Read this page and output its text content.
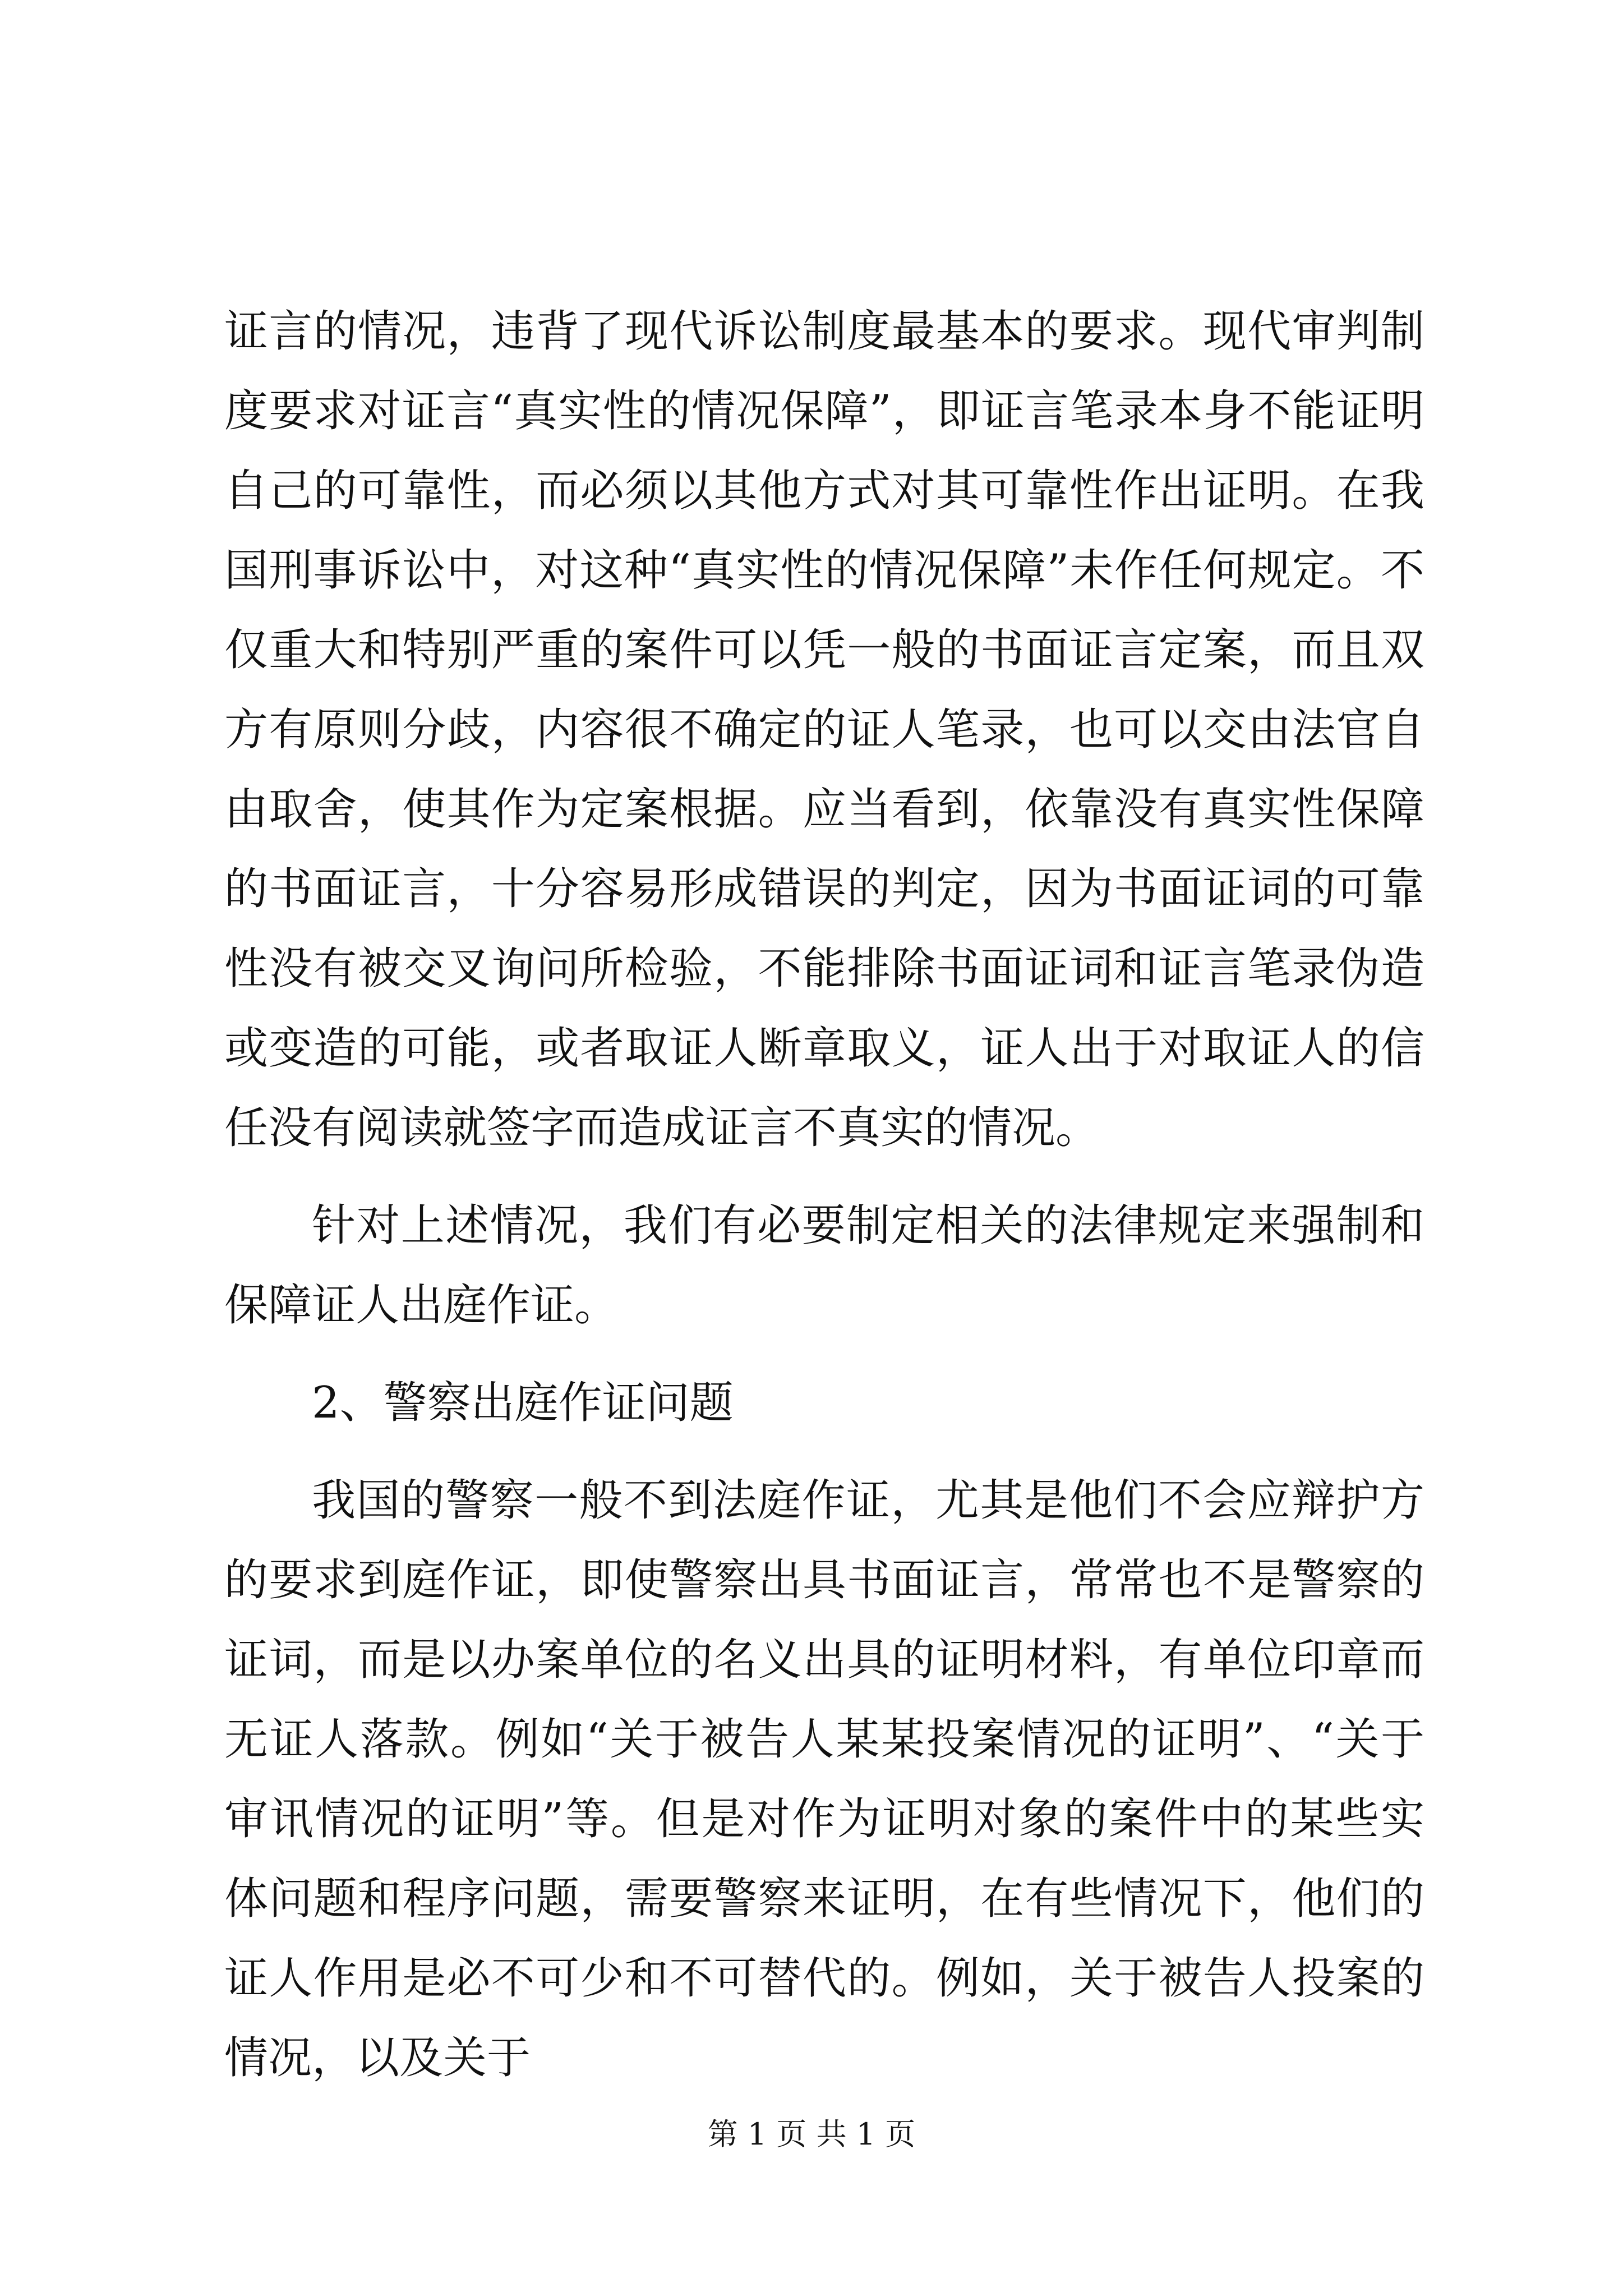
证言的情况，违背了现代诉讼制度最基本的要求。现代审判制度要求对证言“真实性的情况保障”，即证言笔录本身不能证明自己的可靠性，而必须以其他方式对其可靠性作出证明。在我国刑事诉讼中，对这种“真实性的情况保障”未作任何规定。不仅重大和特别严重的案件可以凭一般的书面证言定案，而且双方有原则分歧，内容很不确定的证人笔录，也可以交由法官自由取舍，使其作为定案根据。应当看到，依靠没有真实性保障的书面证言，十分容易形成错误的判定，因为书面证词的可靠性没有被交叉询问所检验，不能排除书面证词和证言笔录伪造或变造的可能，或者取证人断章取义，证人出于对取证人的信任没有阅读就签字而造成证言不真实的情况。

针对上述情况，我们有必要制定相关的法律规定来强制和保障证人出庭作证。

2、警察出庭作证问题

我国的警察一般不到法庭作证，尤其是他们不会应辩护方的要求到庭作证，即使警察出具书面证言，常常也不是警察的证词，而是以办案单位的名义出具的证明材料，有单位印章而无证人落款。例如“关于被告人某某投案情况的证明”、“关于审讯情况的证明”等。但是对作为证明对象的案件中的某些实体问题和程序问题，需要警察来证明，在有些情况下，他们的证人作用是必不可少和不可替代的。例如，关于被告人投案的情况，以及关于

第 1 页 共 1 页
